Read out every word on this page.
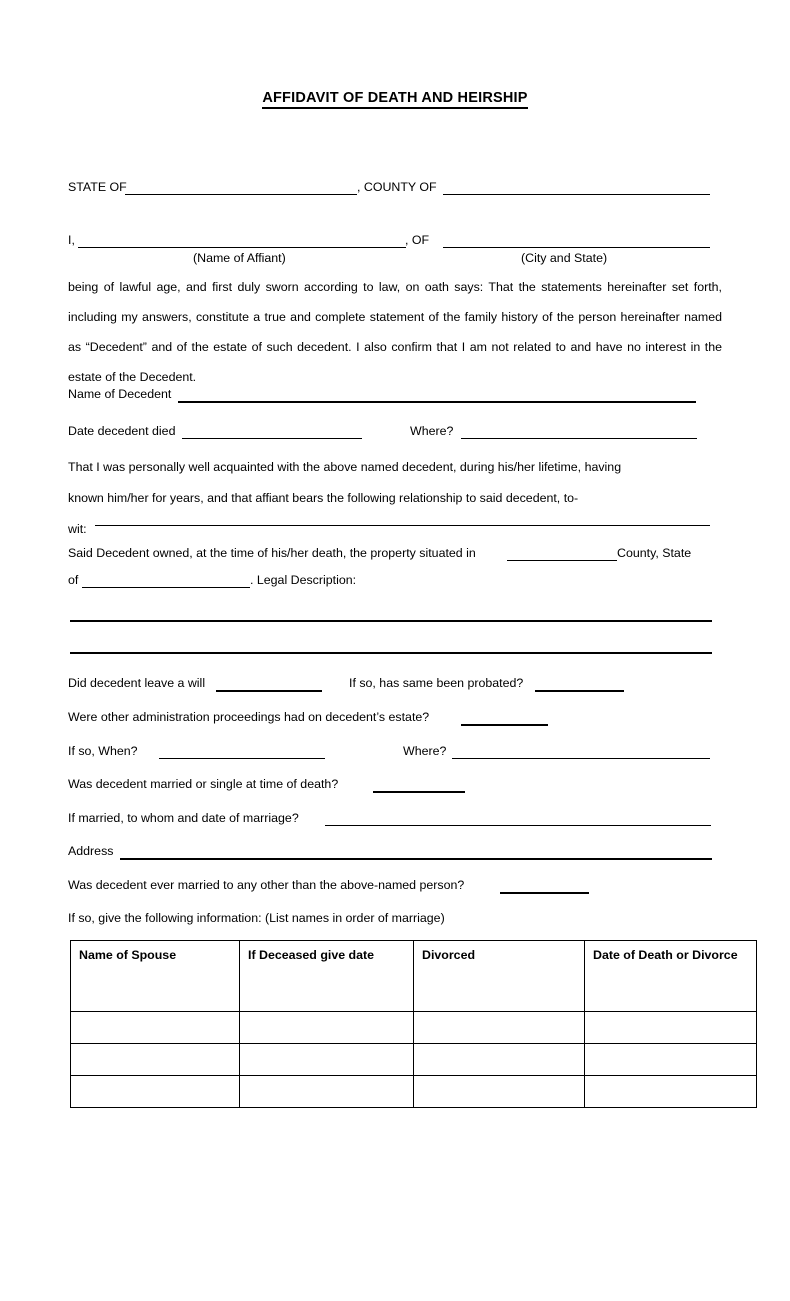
AFFIDAVIT OF DEATH AND HEIRSHIP
STATE OF	, COUNTY OF
I,	, OF
(Name of Affiant)	(City and State)
being of lawful age, and first duly sworn according to law, on oath says: That the statements hereinafter set forth, including my answers, constitute a true and complete statement of the family history of the person hereinafter named as “Decedent” and of the estate of such decedent. I also confirm that I am not related to and have no interest in the estate of the Decedent.
Name of Decedent
Date decedent died	Where?
That I was personally well acquainted with the above named decedent, during his/her lifetime, having
known him/her for years, and that affiant bears the following relationship to said decedent, to-
wit:
Said Decedent owned, at the time of his/her death, the property situated in	County, State
of	. Legal Description:
Did decedent leave a will	If so, has same been probated?
Were other administration proceedings had on decedent’s estate?
If so, When?	Where?
Was decedent married or single at time of death?
If married, to whom and date of marriage?
Address
Was decedent ever married to any other than the above-named person?
If so, give the following information: (List names in order of marriage)
Name of Spouse	If Deceased give date	Divorced	Date of Death or Divorce
